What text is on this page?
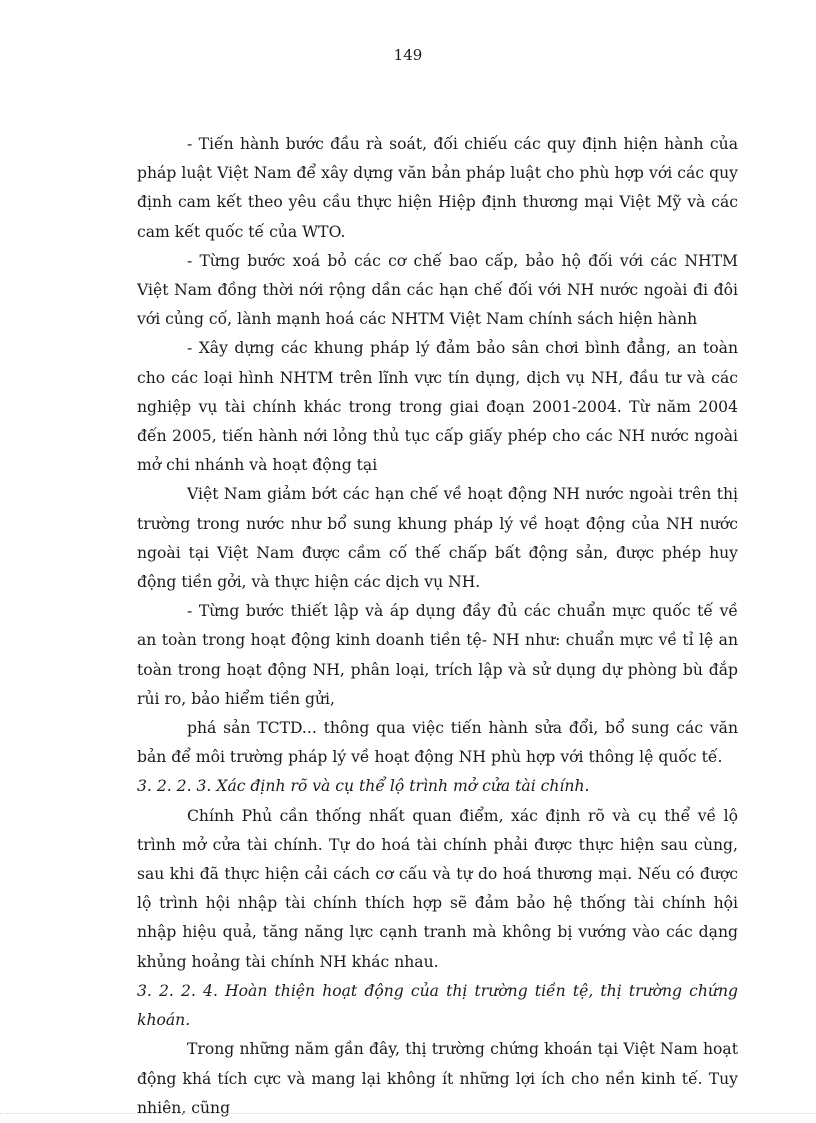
149

- Tiến hành bước đầu rà soát, đối chiếu các quy định hiện hành của pháp luật Việt Nam để xây dựng văn bản pháp luật cho phù hợp với các quy định cam kết theo yêu cầu thực hiện Hiệp định thương mại Việt Mỹ và các cam kết quốc tế của WTO.

- Từng bước xoá bỏ các cơ chế bao cấp, bảo hộ đối với các NHTM Việt Nam đồng thời nới rộng dần các hạn chế đối với NH nước ngoài đi đôi với củng cố, lành mạnh hoá các NHTM Việt Nam chính sách hiện hành

- Xây dựng các khung pháp lý đảm bảo sân chơi bình đẳng, an toàn cho các loại hình NHTM trên lĩnh vực tín dụng, dịch vụ NH, đầu tư và các nghiệp vụ tài chính khác trong trong giai đoạn 2001-2004. Từ năm 2004 đến 2005, tiến hành nới lỏng thủ tục cấp giấy phép cho các NH nước ngoài mở chi nhánh và hoạt động tại

Việt Nam giảm bớt các hạn chế về hoạt động NH nước ngoài trên thị trường trong nước như bổ sung khung pháp lý về hoạt động của NH nước ngoài tại Việt Nam được cầm cố thế chấp bất động sản, được phép huy động tiền gởi, và thực hiện các dịch vụ NH.

- Từng bước thiết lập và áp dụng đầy đủ các chuẩn mực quốc tế về an toàn trong hoạt động kinh doanh tiền tệ- NH như: chuẩn mực về tỉ lệ an toàn trong hoạt động NH, phân loại, trích lập và sử dụng dự phòng bù đắp rủi ro, bảo hiểm tiền gửi,

phá sản TCTD... thông qua việc tiến hành sửa đổi, bổ sung các văn bản để môi trường pháp lý về hoạt động NH phù hợp với thông lệ quốc tế.

3. 2. 2. 3. Xác định rõ và cụ thể lộ trình mở cửa tài chính.

Chính Phủ cần thống nhất quan điểm, xác định rõ và cụ thể về lộ trình mở cửa tài chính. Tự do hoá tài chính phải được thực hiện sau cùng, sau khi đã thực hiện cải cách cơ cấu và tự do hoá thương mại. Nếu có được lộ trình hội nhập tài chính thích hợp sẽ đảm bảo hệ thống tài chính hội nhập hiệu quả, tăng năng lực cạnh tranh mà không bị vướng vào các dạng khủng hoảng tài chính NH khác nhau.

3. 2. 2. 4. Hoàn thiện hoạt động của thị trường tiền tệ, thị trường chứng khoán.

Trong những năm gần đây, thị trường chứng khoán tại Việt Nam hoạt động khá tích cực và mang lại không ít những lợi ích cho nền kinh tế. Tuy nhiên, cũng
